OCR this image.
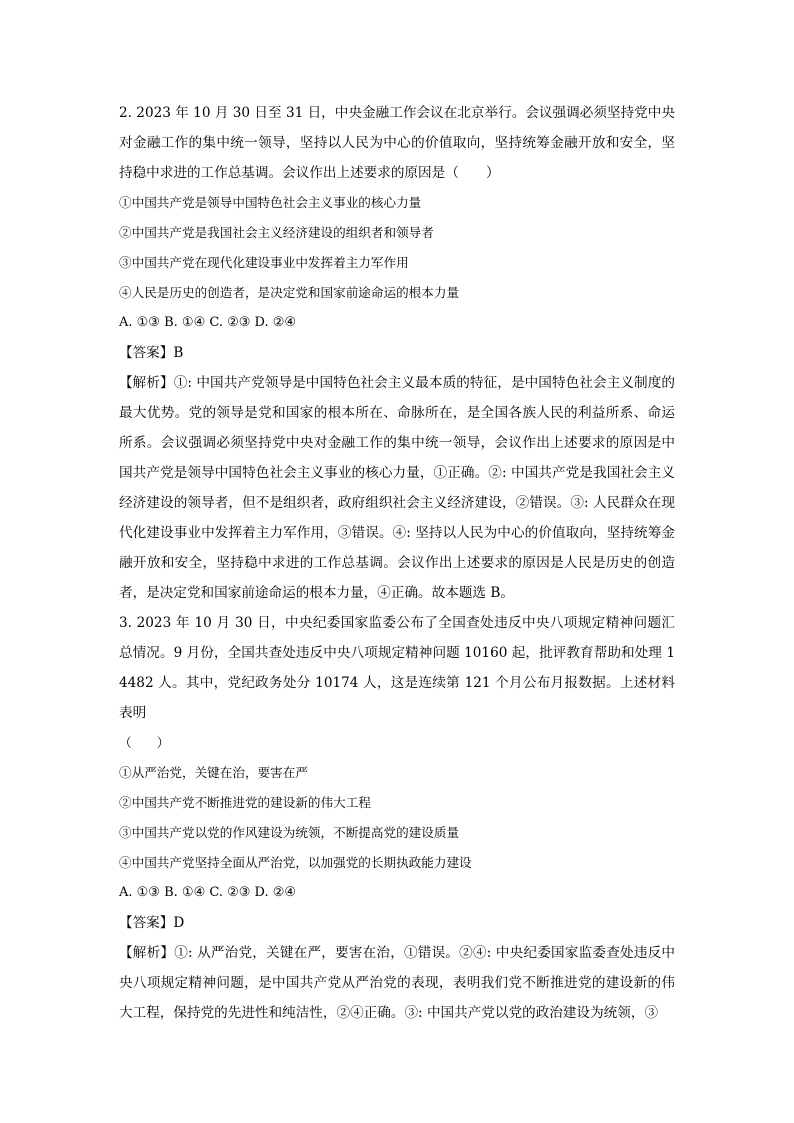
2. 2023 年 10 月 30 日至 31 日，中央金融工作会议在北京举行。会议强调必须坚持党中央对金融工作的集中统一领导，坚持以人民为中心的价值取向，坚持统筹金融开放和安全，坚持稳中求进的工作总基调。会议作出上述要求的原因是（　　）

①中国共产党是领导中国特色社会主义事业的核心力量

②中国共产党是我国社会主义经济建设的组织者和领导者

③中国共产党在现代化建设事业中发挥着主力军作用

④人民是历史的创造者，是决定党和国家前途命运的根本力量

A. ①③ B. ①④ C. ②③ D. ②④

【答案】B

【解析】①: 中国共产党领导是中国特色社会主义最本质的特征，是中国特色社会主义制度的最大优势。党的领导是党和国家的根本所在、命脉所在，是全国各族人民的利益所系、命运所系。会议强调必须坚持党中央对金融工作的集中统一领导，会议作出上述要求的原因是中国共产党是领导中国特色社会主义事业的核心力量，①正确。②: 中国共产党是我国社会主义经济建设的领导者，但不是组织者，政府组织社会主义经济建设，②错误。③: 人民群众在现代化建设事业中发挥着主力军作用，③错误。④: 坚持以人民为中心的价值取向，坚持统筹金融开放和安全，坚持稳中求进的工作总基调。会议作出上述要求的原因是人民是历史的创造者，是决定党和国家前途命运的根本力量，④正确。故本题选 B。

3. 2023 年 10 月 30 日，中央纪委国家监委公布了全国查处违反中央八项规定精神问题汇总情况。9 月份，全国共查处违反中央八项规定精神问题 10160 起，批评教育帮助和处理 14482 人。其中，党纪政务处分 10174 人，这是连续第 121 个月公布月报数据。上述材料表明

（　　）

①从严治党，关键在治，要害在严

②中国共产党不断推进党的建设新的伟大工程

③中国共产党以党的作风建设为统领，不断提高党的建设质量

④中国共产党坚持全面从严治党，以加强党的长期执政能力建设

A. ①③ B. ①④ C. ②③ D. ②④

【答案】D

【解析】①: 从严治党，关键在严，要害在治，①错误。②④: 中央纪委国家监委查处违反中央八项规定精神问题，是中国共产党从严治党的表现，表明我们党不断推进党的建设新的伟大工程，保持党的先进性和纯洁性，②④正确。③: 中国共产党以党的政治建设为统领，③
